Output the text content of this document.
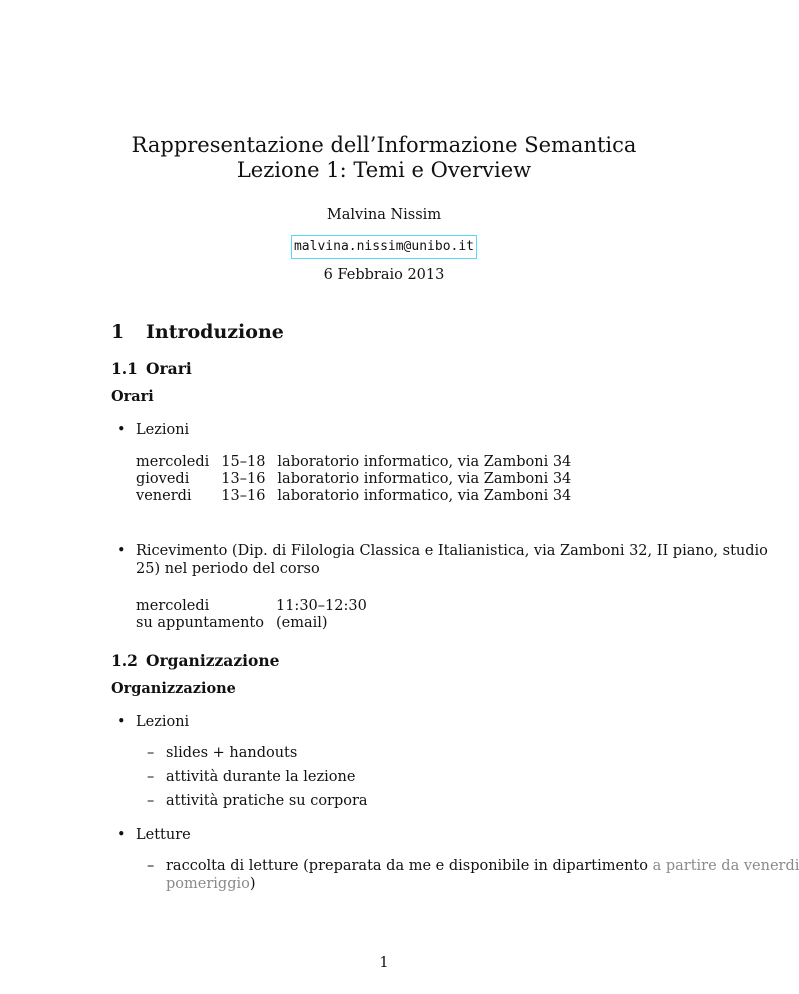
Rappresentazione dell’Informazione Semantica
Lezione 1: Temi e Overview
Malvina Nissim
malvina.nissim@unibo.it
6 Febbraio 2013
1 Introduzione
1.1 Orari
Orari
• Lezioni
mercoledi	15–18	laboratorio informatico, via Zamboni 34
giovedi	13–16	laboratorio informatico, via Zamboni 34
venerdi	13–16	laboratorio informatico, via Zamboni 34
• Ricevimento (Dip. di Filologia Classica e Italianistica, via Zamboni 32, II piano, studio
25) nel periodo del corso
mercoledi	11:30–12:30
su appuntamento	(email)
1.2 Organizzazione
Organizzazione
• Lezioni
– slides + handouts
– attività durante la lezione
– attività pratiche su corpora
• Letture
– raccolta di letture (preparata da me e disponibile in dipartimento a partire da venerdi
pomeriggio)
1
